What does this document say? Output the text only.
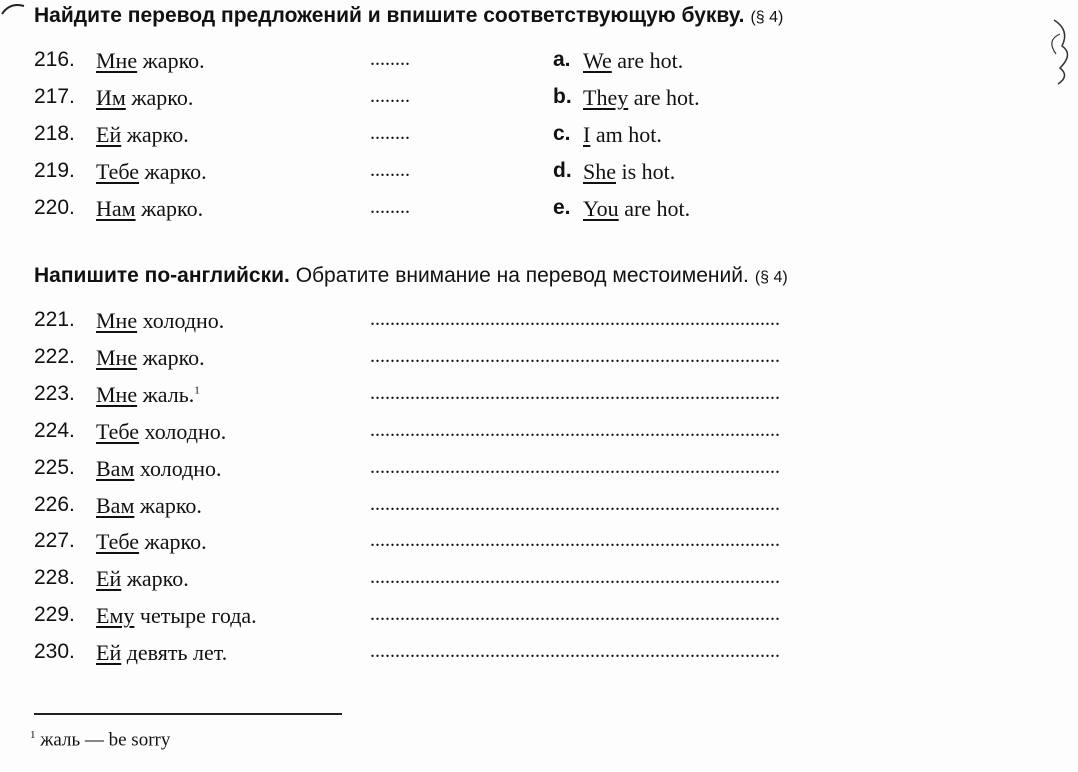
Найдите перевод предложений и впишите соответствующую букву. (§ 4)
216. Мне жарко.	........	a. We are hot.
217. Им жарко.	........	b. They are hot.
218. Ей жарко.	........	c. I am hot.
219. Тебе жарко.	........	d. She is hot.
220. Нам жарко.	........	e. You are hot.
Напишите по-английски. Обратите внимание на перевод местоимений. (§ 4)
221. Мне холодно.	..................................................................................
222. Мне жарко.	..................................................................................
223. Мне жаль.$^1$	..................................................................................
224. Тебе холодно.	..................................................................................
225. Вам холодно.	..................................................................................
226. Вам жарко.	..................................................................................
227. Тебе жарко.	..................................................................................
228. Ей жарко.	..................................................................................
229. Ему четыре года.	..................................................................................
230. Ей девять лет.	..................................................................................
$^1$ жаль — be sorry
